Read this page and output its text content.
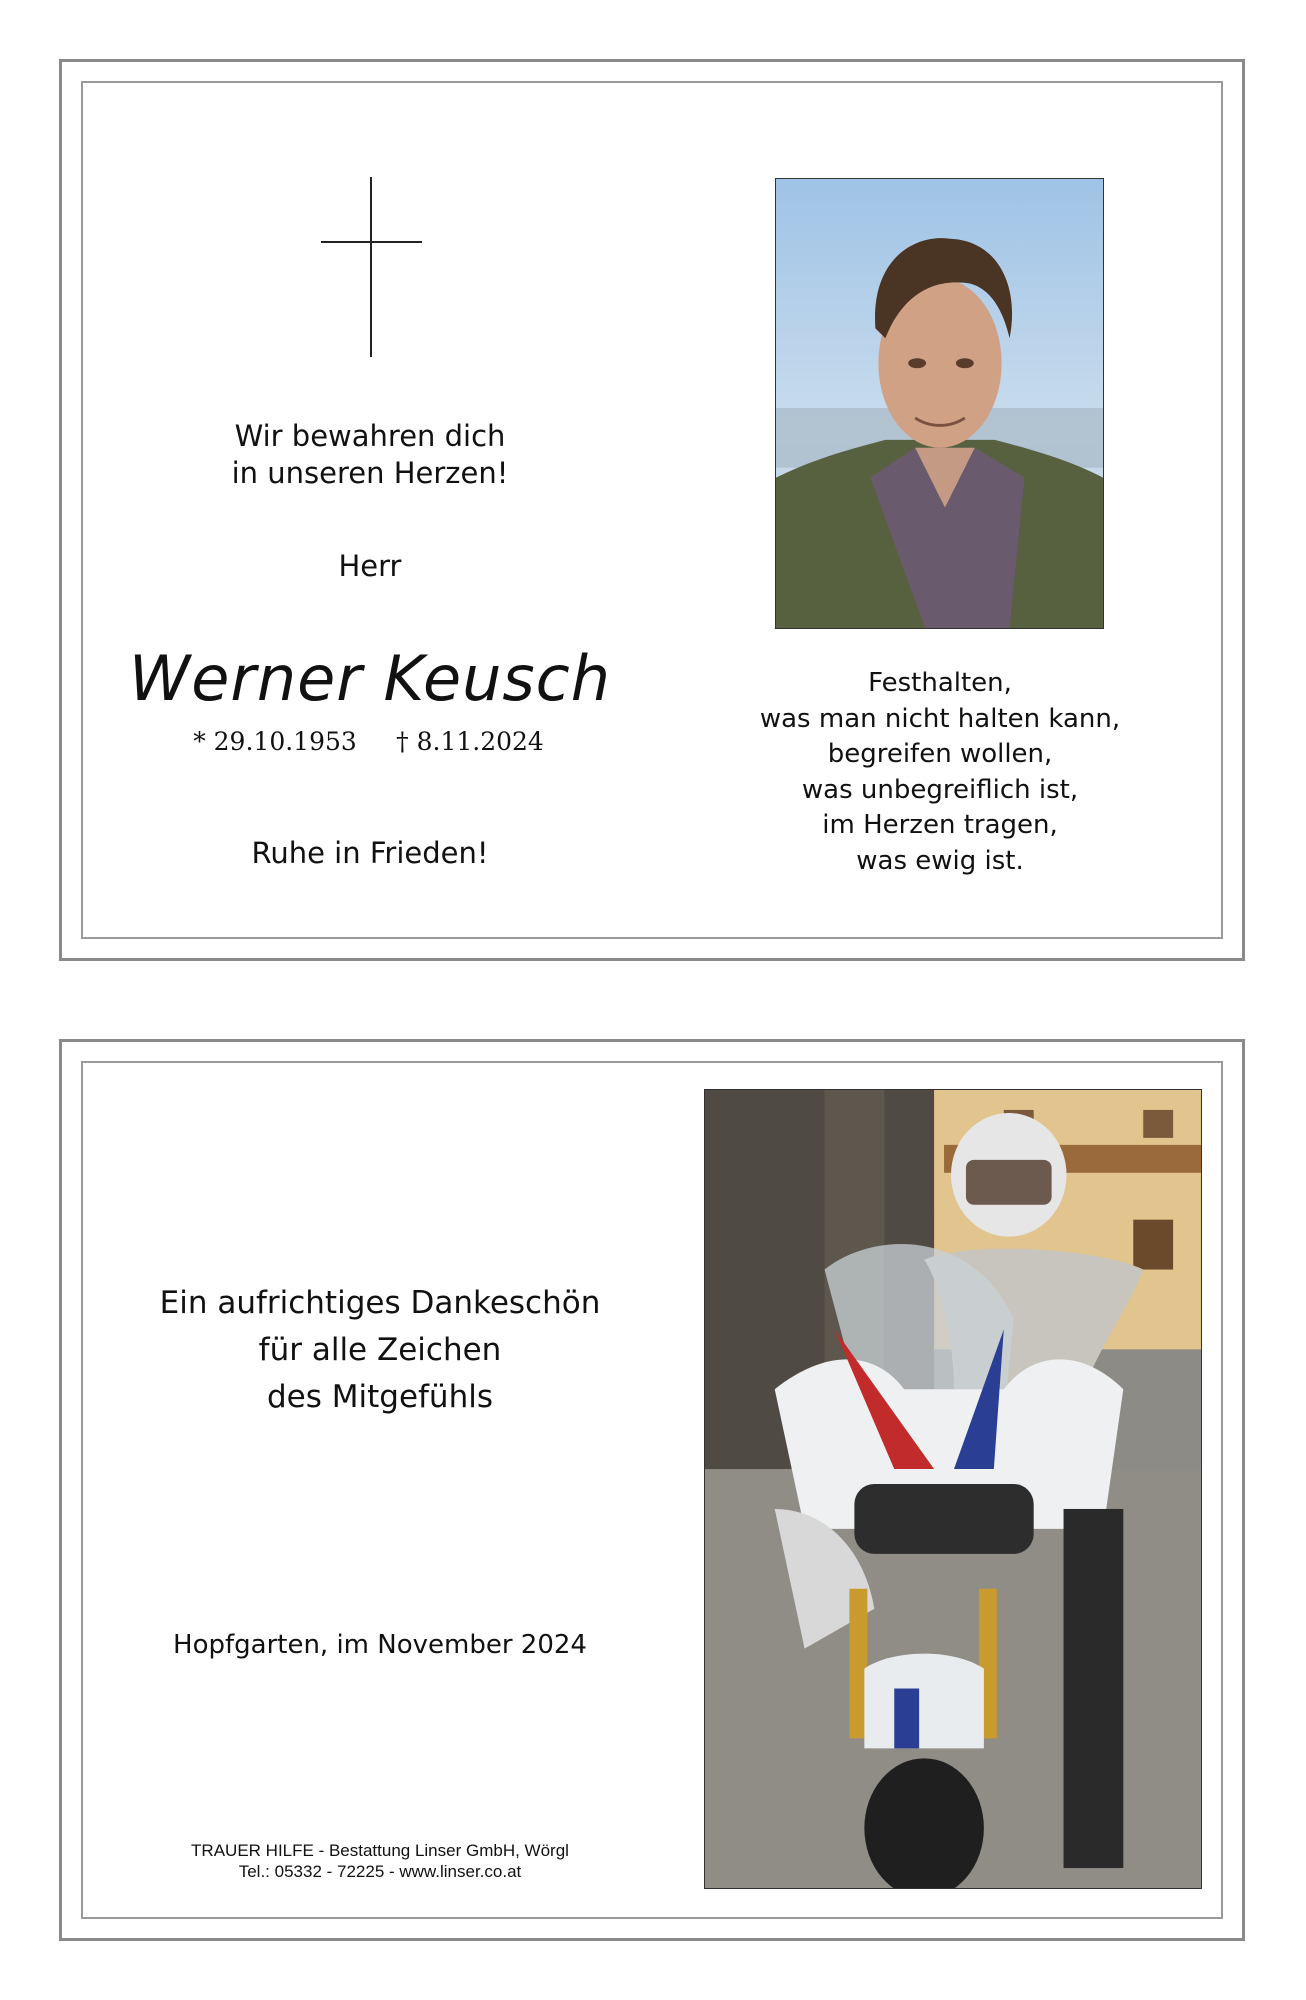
Wir bewahren dich
in unseren Herzen!
Herr
Werner Keusch
* 29.10.1953	† 8.11.2024
Ruhe in Frieden!
Festhalten,
was man nicht halten kann,
begreifen wollen,
was unbegreiflich ist,
im Herzen tragen,
was ewig ist.
Ein aufrichtiges Dankeschön
für alle Zeichen
des Mitgefühls
Hopfgarten, im November 2024
TRAUER HILFE - Bestattung Linser GmbH, Wörgl
Tel.: 05332 - 72225 - www.linser.co.at
